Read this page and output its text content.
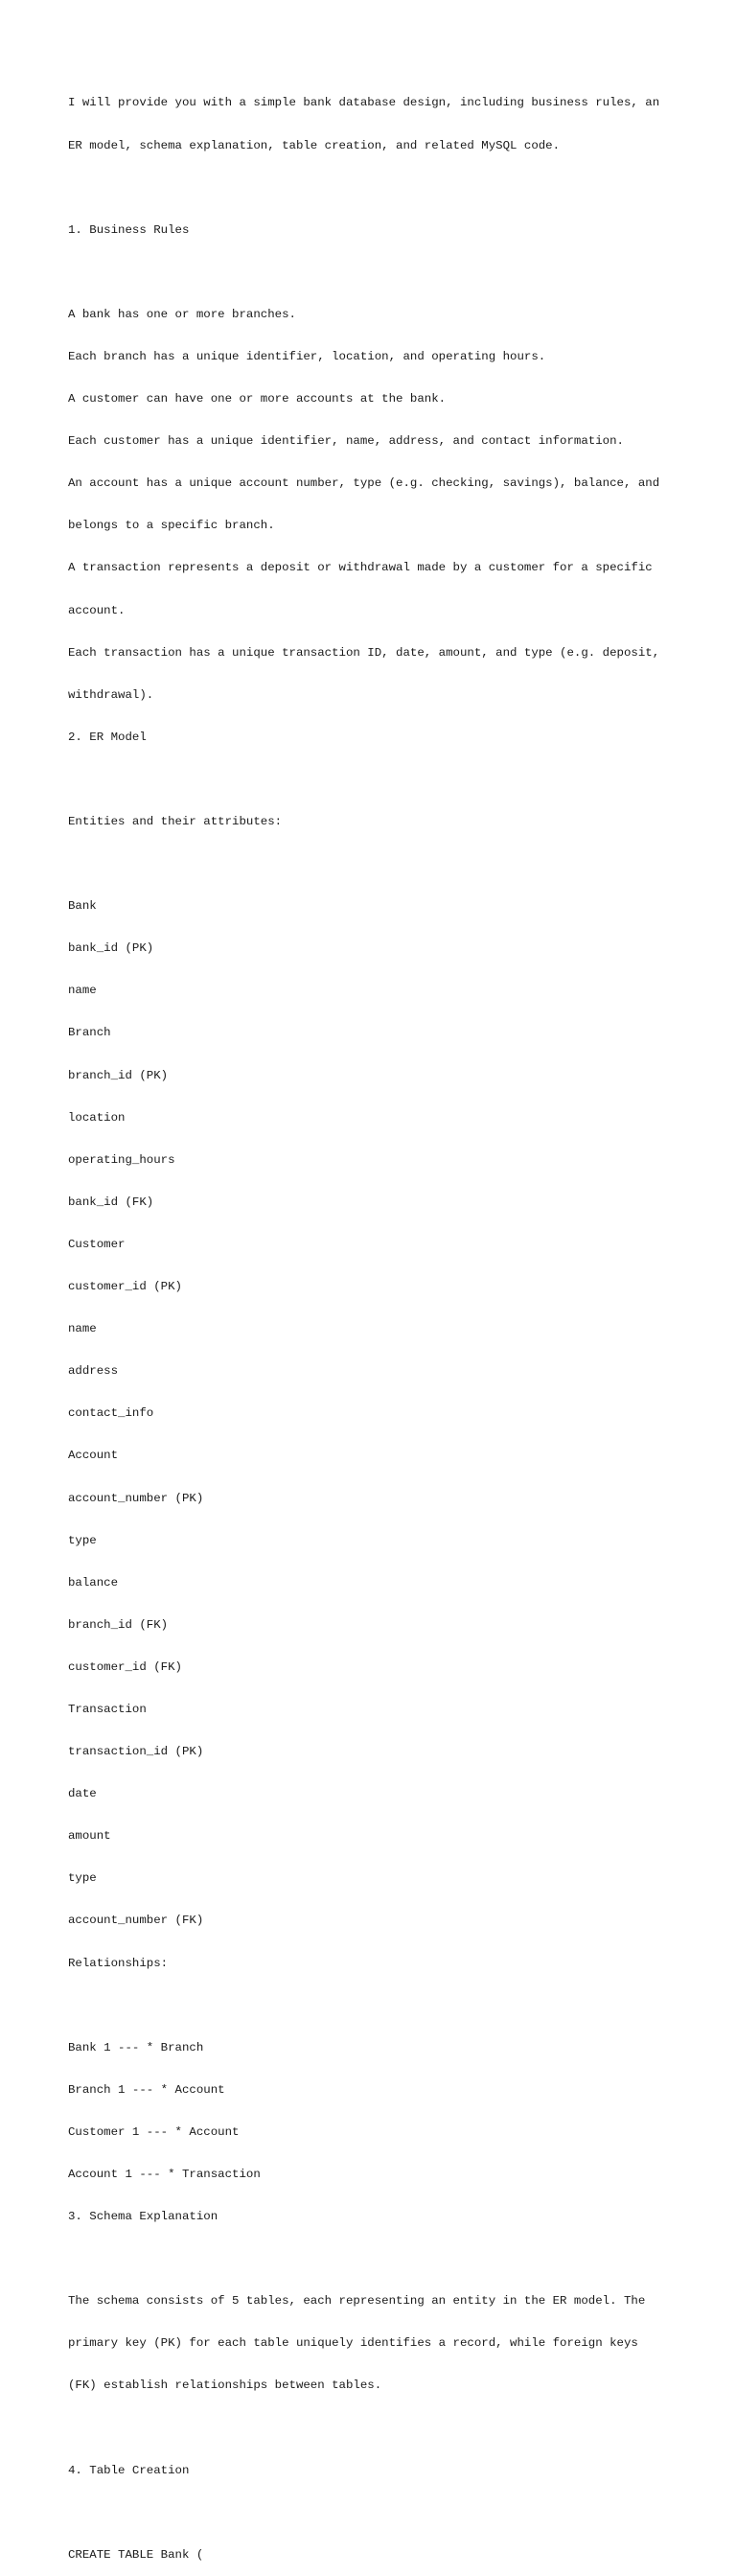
I will provide you with a simple bank database design, including business rules, an

ER model, schema explanation, table creation, and related MySQL code.

1. Business Rules

A bank has one or more branches.

Each branch has a unique identifier, location, and operating hours.

A customer can have one or more accounts at the bank.

Each customer has a unique identifier, name, address, and contact information.

An account has a unique account number, type (e.g. checking, savings), balance, and

belongs to a specific branch.

A transaction represents a deposit or withdrawal made by a customer for a specific

account.

Each transaction has a unique transaction ID, date, amount, and type (e.g. deposit,

withdrawal).

2. ER Model

Entities and their attributes:

Bank

bank_id (PK)

name

Branch

branch_id (PK)

location

operating_hours

bank_id (FK)

Customer

customer_id (PK)

name

address

contact_info

Account

account_number (PK)

type

balance

branch_id (FK)

customer_id (FK)

Transaction

transaction_id (PK)

date

amount

type

account_number (FK)

Relationships:

Bank 1 --- * Branch

Branch 1 --- * Account

Customer 1 --- * Account

Account 1 --- * Transaction

3. Schema Explanation

The schema consists of 5 tables, each representing an entity in the ER model. The

primary key (PK) for each table uniquely identifies a record, while foreign keys

(FK) establish relationships between tables.

4. Table Creation

CREATE TABLE Bank (
